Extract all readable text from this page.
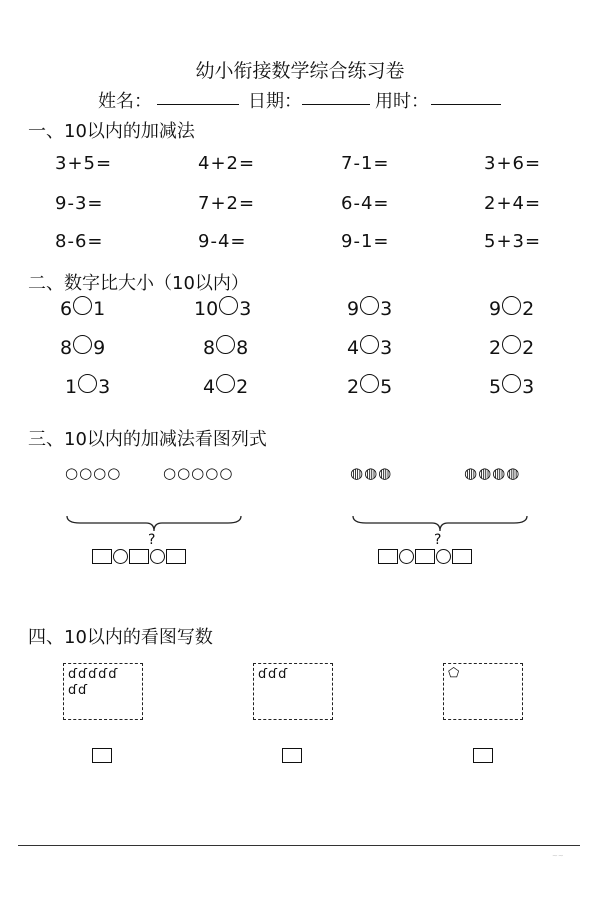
幼小衔接数学综合练习卷
姓名：	日期：	用时：
一、10以内的加减法
3+5=	4+2=	7-1=	3+6=
9-3=	7+2=	6-4=	2+4=
8-6=	9-4=	9-1=	5+3=
二、数字比大小（10以内）
6 1	10 3	9 3	9 2
8 9	8 8	4 3	2 2
1 3	4 2	2 5	5 3
三、10以内的加减法看图列式
○○○○	○○○○○
?
◍◍◍	◍◍◍◍
?
四、10以内的看图写数
ɗɗɗɗɗ
ɗɗ
ɗɗɗ	⬠
~~
